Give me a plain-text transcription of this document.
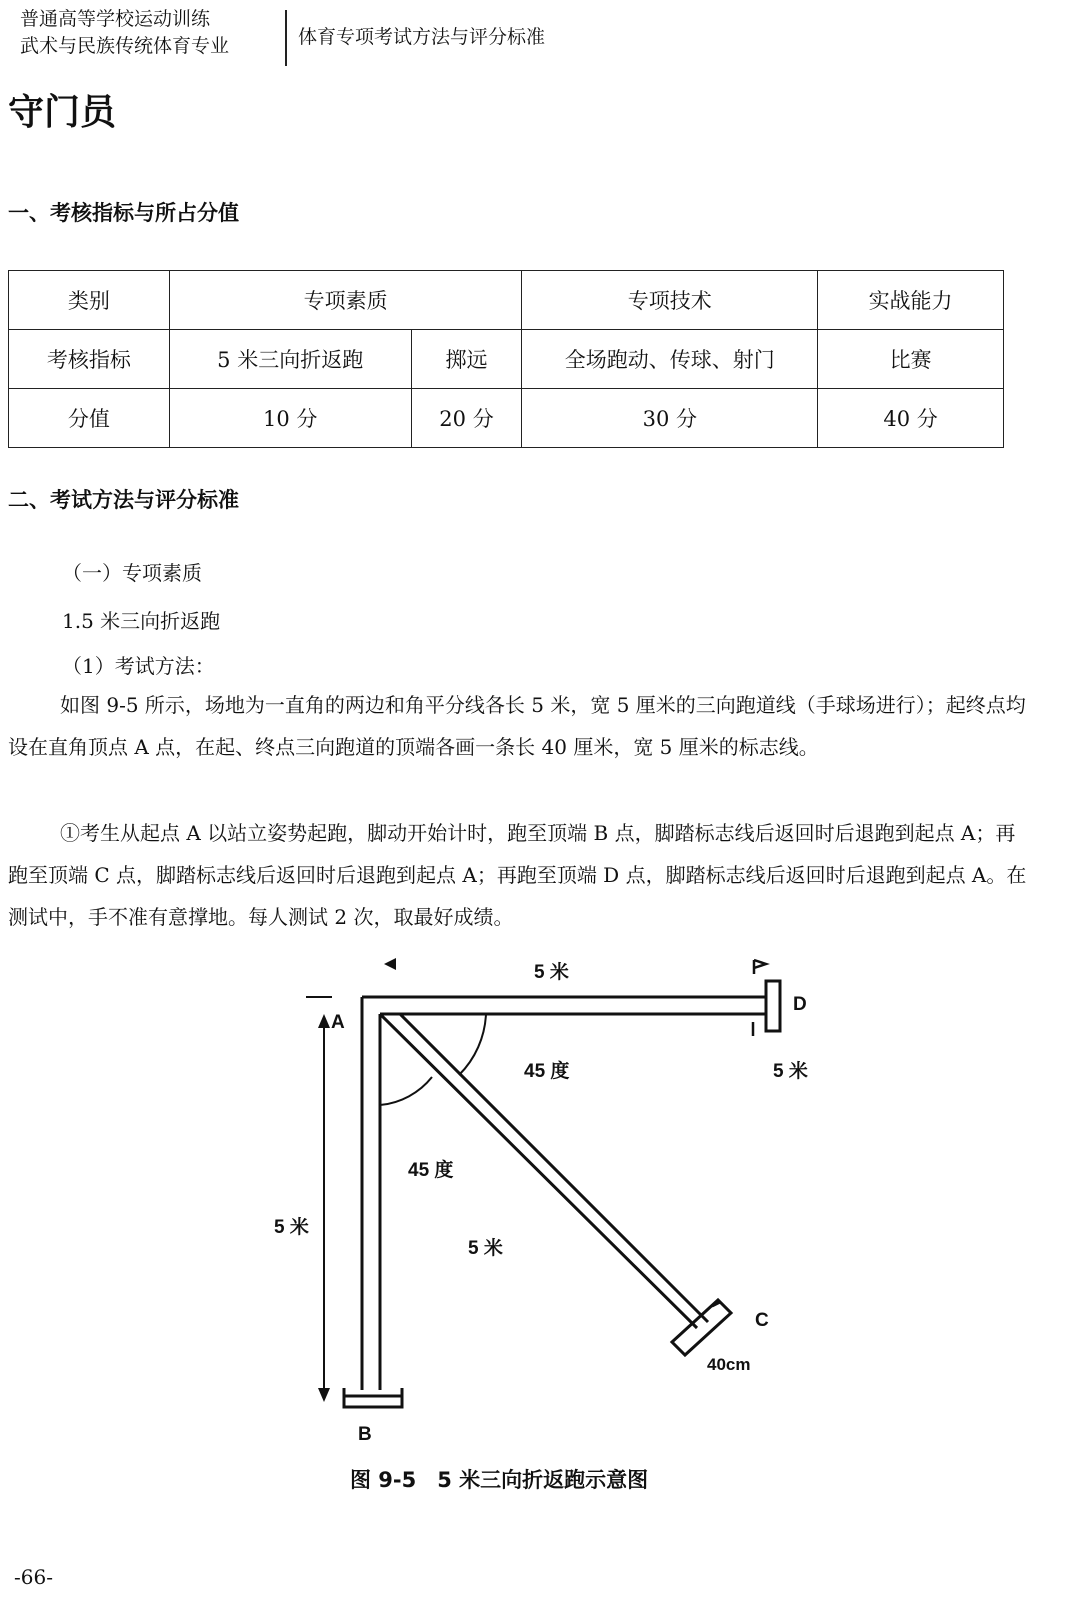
普通高等学校运动训练
武术与民族传统体育专业	体育专项考试方法与评分标准
守门员
一、考核指标与所占分值
类别	专项素质		专项技术	实战能力
考核指标	5 米三向折返跑	掷远	全场跑动、传球、射门	比赛
分值	10 分	20 分	30 分	40 分
二、考试方法与评分标准
（一）专项素质
1.5 米三向折返跑
（1）考试方法：
如图 9-5 所示，场地为一直角的两边和角平分线各长 5 米，宽 5 厘米的三向跑道线（手球场进行）；起终点均设在直角顶点 A 点，在起、终点三向跑道的顶端各画一条长 40 厘米，宽 5 厘米的标志线。
①考生从起点 A 以站立姿势起跑，脚动开始计时，跑至顶端 B 点，脚踏标志线后返回时后退跑到起点 A；再跑至顶端 C 点，脚踏标志线后返回时后退跑到起点 A；再跑至顶端 D 点，脚踏标志线后返回时后退跑到起点 A。在测试中，手不准有意撑地。每人测试 2 次，取最好成绩。
5 米
D
A
45 度	5 米
45 度
5 米
5 米
C
40cm
B
图 9-5　5 米三向折返跑示意图
-66-
